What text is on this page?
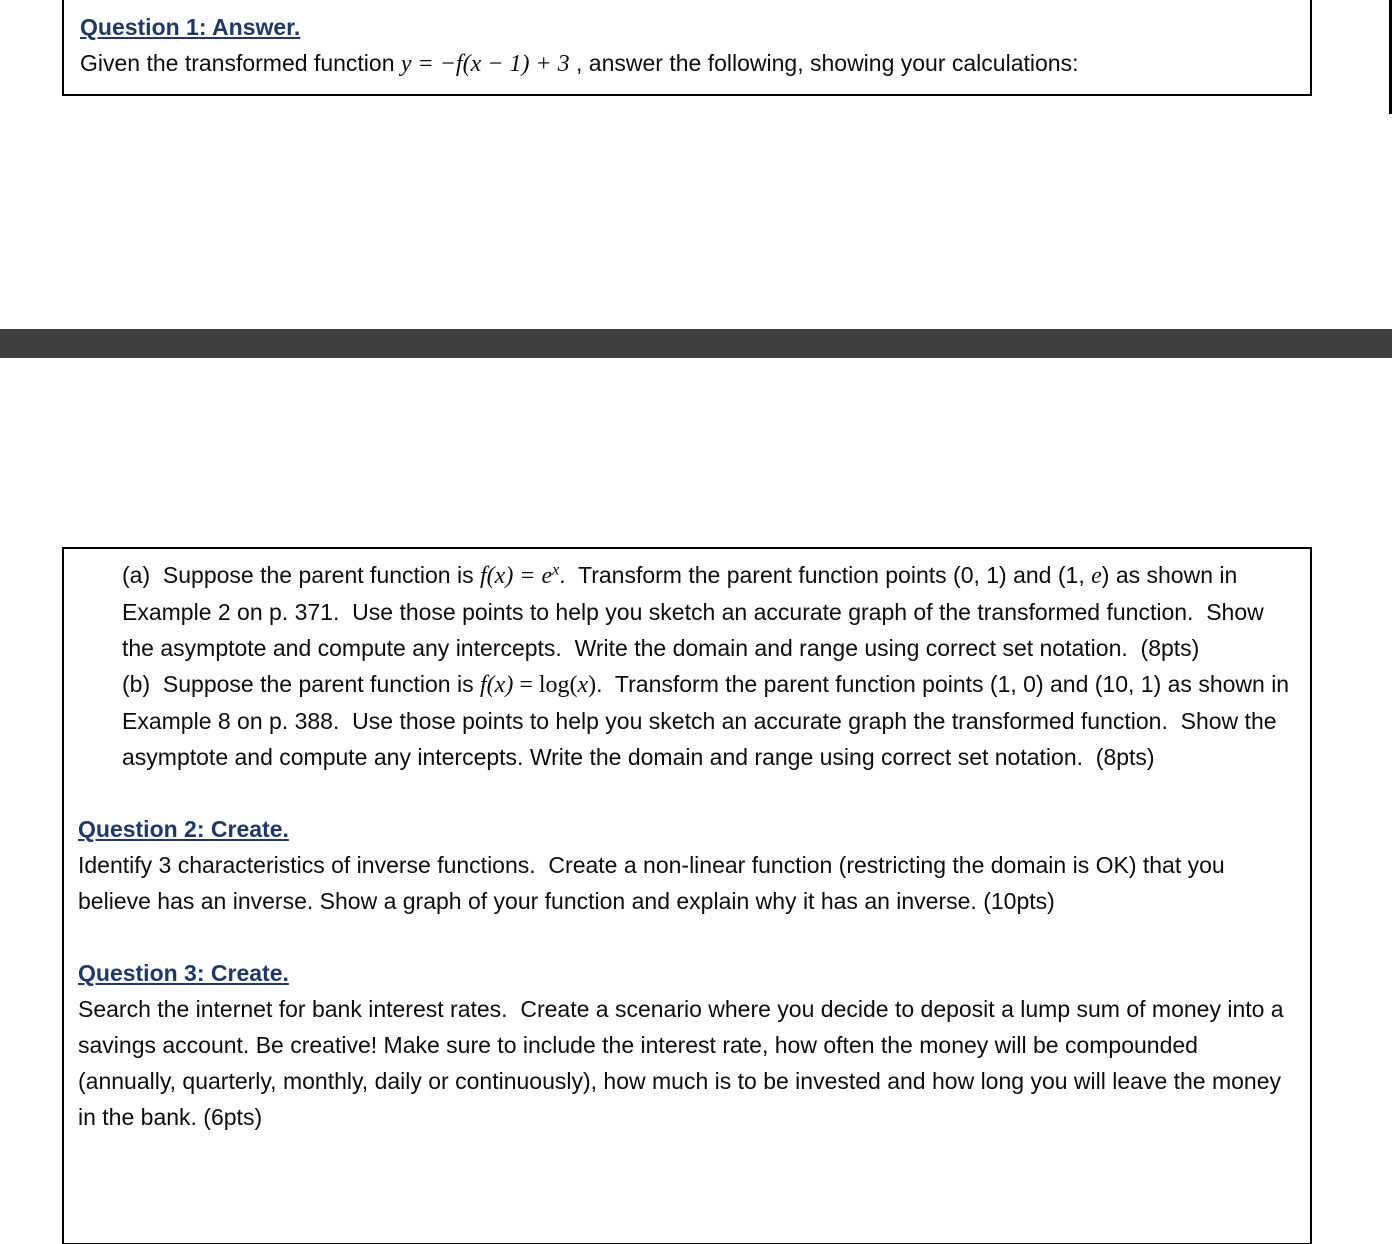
Question 1: Answer.

Given the transformed function y = −f(x − 1) + 3 , answer the following, showing your calculations:

(a)  Suppose the parent function is $f(x) = e^x$.  Transform the parent function points (0, 1) and (1, e) as shown in Example 2 on p. 371.  Use those points to help you sketch an accurate graph of the transformed function.  Show the asymptote and compute any intercepts.  Write the domain and range using correct set notation.  (8pts)

(b)  Suppose the parent function is f(x) = log(x).  Transform the parent function points (1, 0) and (10, 1) as shown in Example 8 on p. 388.  Use those points to help you sketch an accurate graph the transformed function.  Show the asymptote and compute any intercepts. Write the domain and range using correct set notation.  (8pts)

Question 2: Create.

Identify 3 characteristics of inverse functions.  Create a non-linear function (restricting the domain is OK) that you believe has an inverse. Show a graph of your function and explain why it has an inverse. (10pts)

Question 3: Create.

Search the internet for bank interest rates.  Create a scenario where you decide to deposit a lump sum of money into a savings account. Be creative! Make sure to include the interest rate, how often the money will be compounded (annually, quarterly, monthly, daily or continuously), how much is to be invested and how long you will leave the money in the bank. (6pts)
